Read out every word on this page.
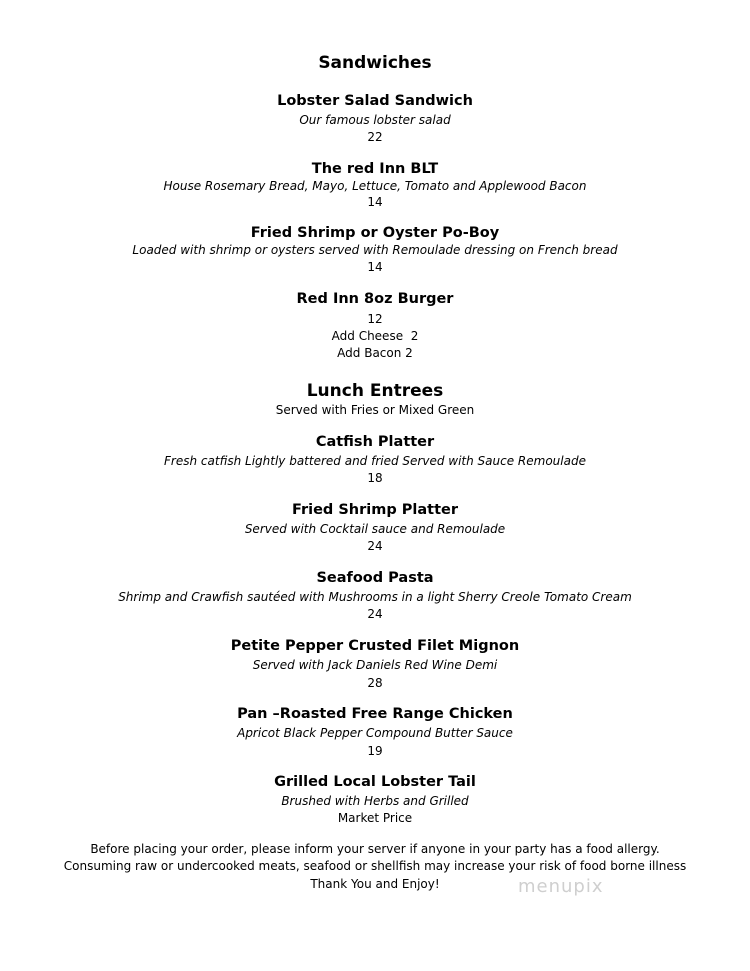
Sandwiches
Lobster Salad Sandwich
Our famous lobster salad
22
The red Inn BLT
House Rosemary Bread, Mayo, Lettuce, Tomato and Applewood Bacon
14
Fried Shrimp or Oyster Po-Boy
Loaded with shrimp or oysters served with Remoulade dressing on French bread
14
Red Inn 8oz Burger
12
Add Cheese  2
Add Bacon 2
Lunch Entrees
Served with Fries or Mixed Green
Catfish Platter
Fresh catfish Lightly battered and fried Served with Sauce Remoulade
18
Fried Shrimp Platter
Served with Cocktail sauce and Remoulade
24
Seafood Pasta
Shrimp and Crawfish sautéed with Mushrooms in a light Sherry Creole Tomato Cream
24
Petite Pepper Crusted Filet Mignon
Served with Jack Daniels Red Wine Demi
28
Pan –Roasted Free Range Chicken
Apricot Black Pepper Compound Butter Sauce
19
Grilled Local Lobster Tail
Brushed with Herbs and Grilled
Market Price
Before placing your order, please inform your server if anyone in your party has a food allergy.
Consuming raw or undercooked meats, seafood or shellfish may increase your risk of food borne illness
Thank You and Enjoy!	menupix
